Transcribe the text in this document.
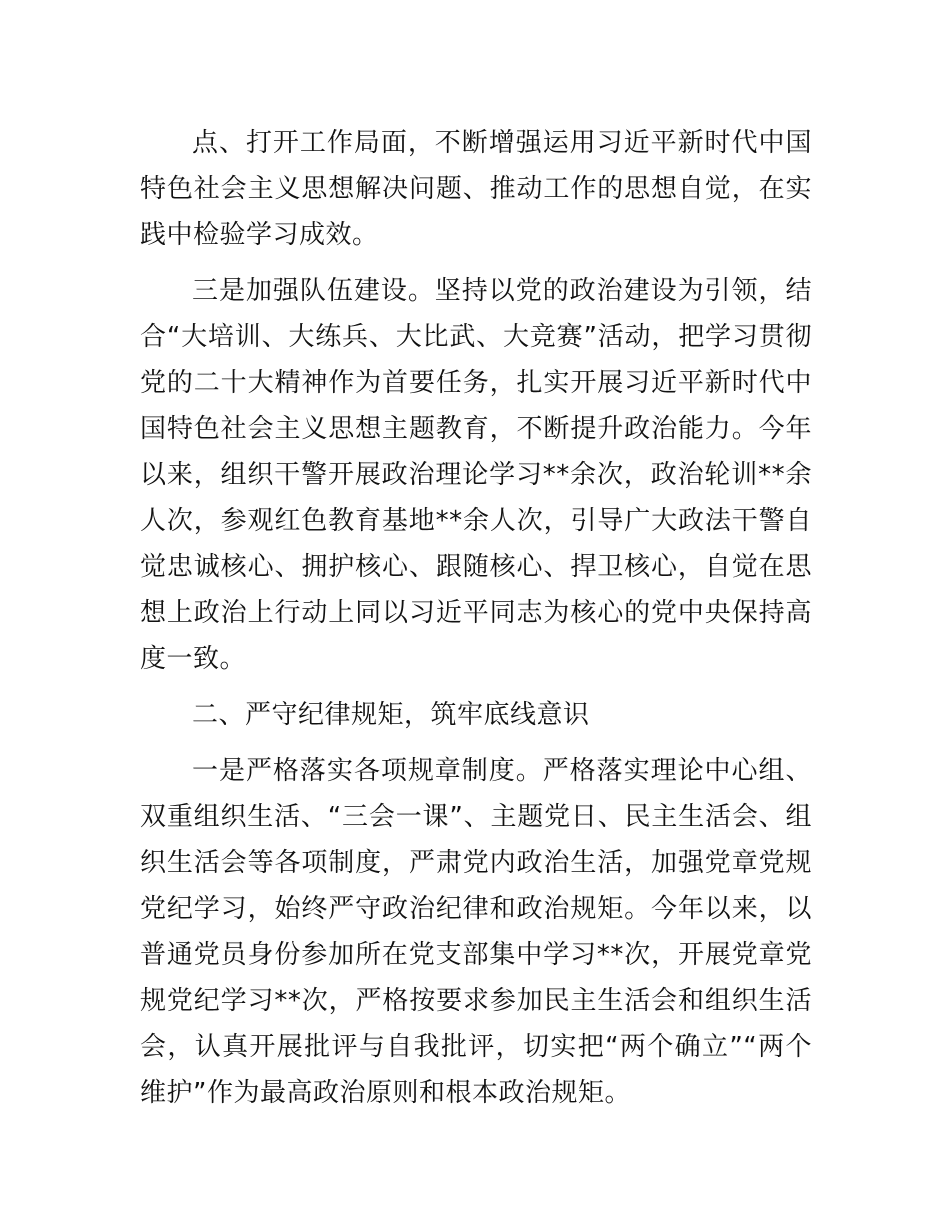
点、打开工作局面，不断增强运用习近平新时代中国特色社会主义思想解决问题、推动工作的思想自觉，在实践中检验学习成效。

三是加强队伍建设。坚持以党的政治建设为引领，结合“大培训、大练兵、大比武、大竞赛”活动，把学习贯彻党的二十大精神作为首要任务，扎实开展习近平新时代中国特色社会主义思想主题教育，不断提升政治能力。今年以来，组织干警开展政治理论学习**余次，政治轮训**余人次，参观红色教育基地**余人次，引导广大政法干警自觉忠诚核心、拥护核心、跟随核心、捍卫核心，自觉在思想上政治上行动上同以习近平同志为核心的党中央保持高度一致。

二、严守纪律规矩，筑牢底线意识

一是严格落实各项规章制度。严格落实理论中心组、双重组织生活、“三会一课”、主题党日、民主生活会、组织生活会等各项制度，严肃党内政治生活，加强党章党规党纪学习，始终严守政治纪律和政治规矩。今年以来，以普通党员身份参加所在党支部集中学习**次，开展党章党规党纪学习**次，严格按要求参加民主生活会和组织生活会，认真开展批评与自我批评，切实把“两个确立”“两个维护”作为最高政治原则和根本政治规矩。
